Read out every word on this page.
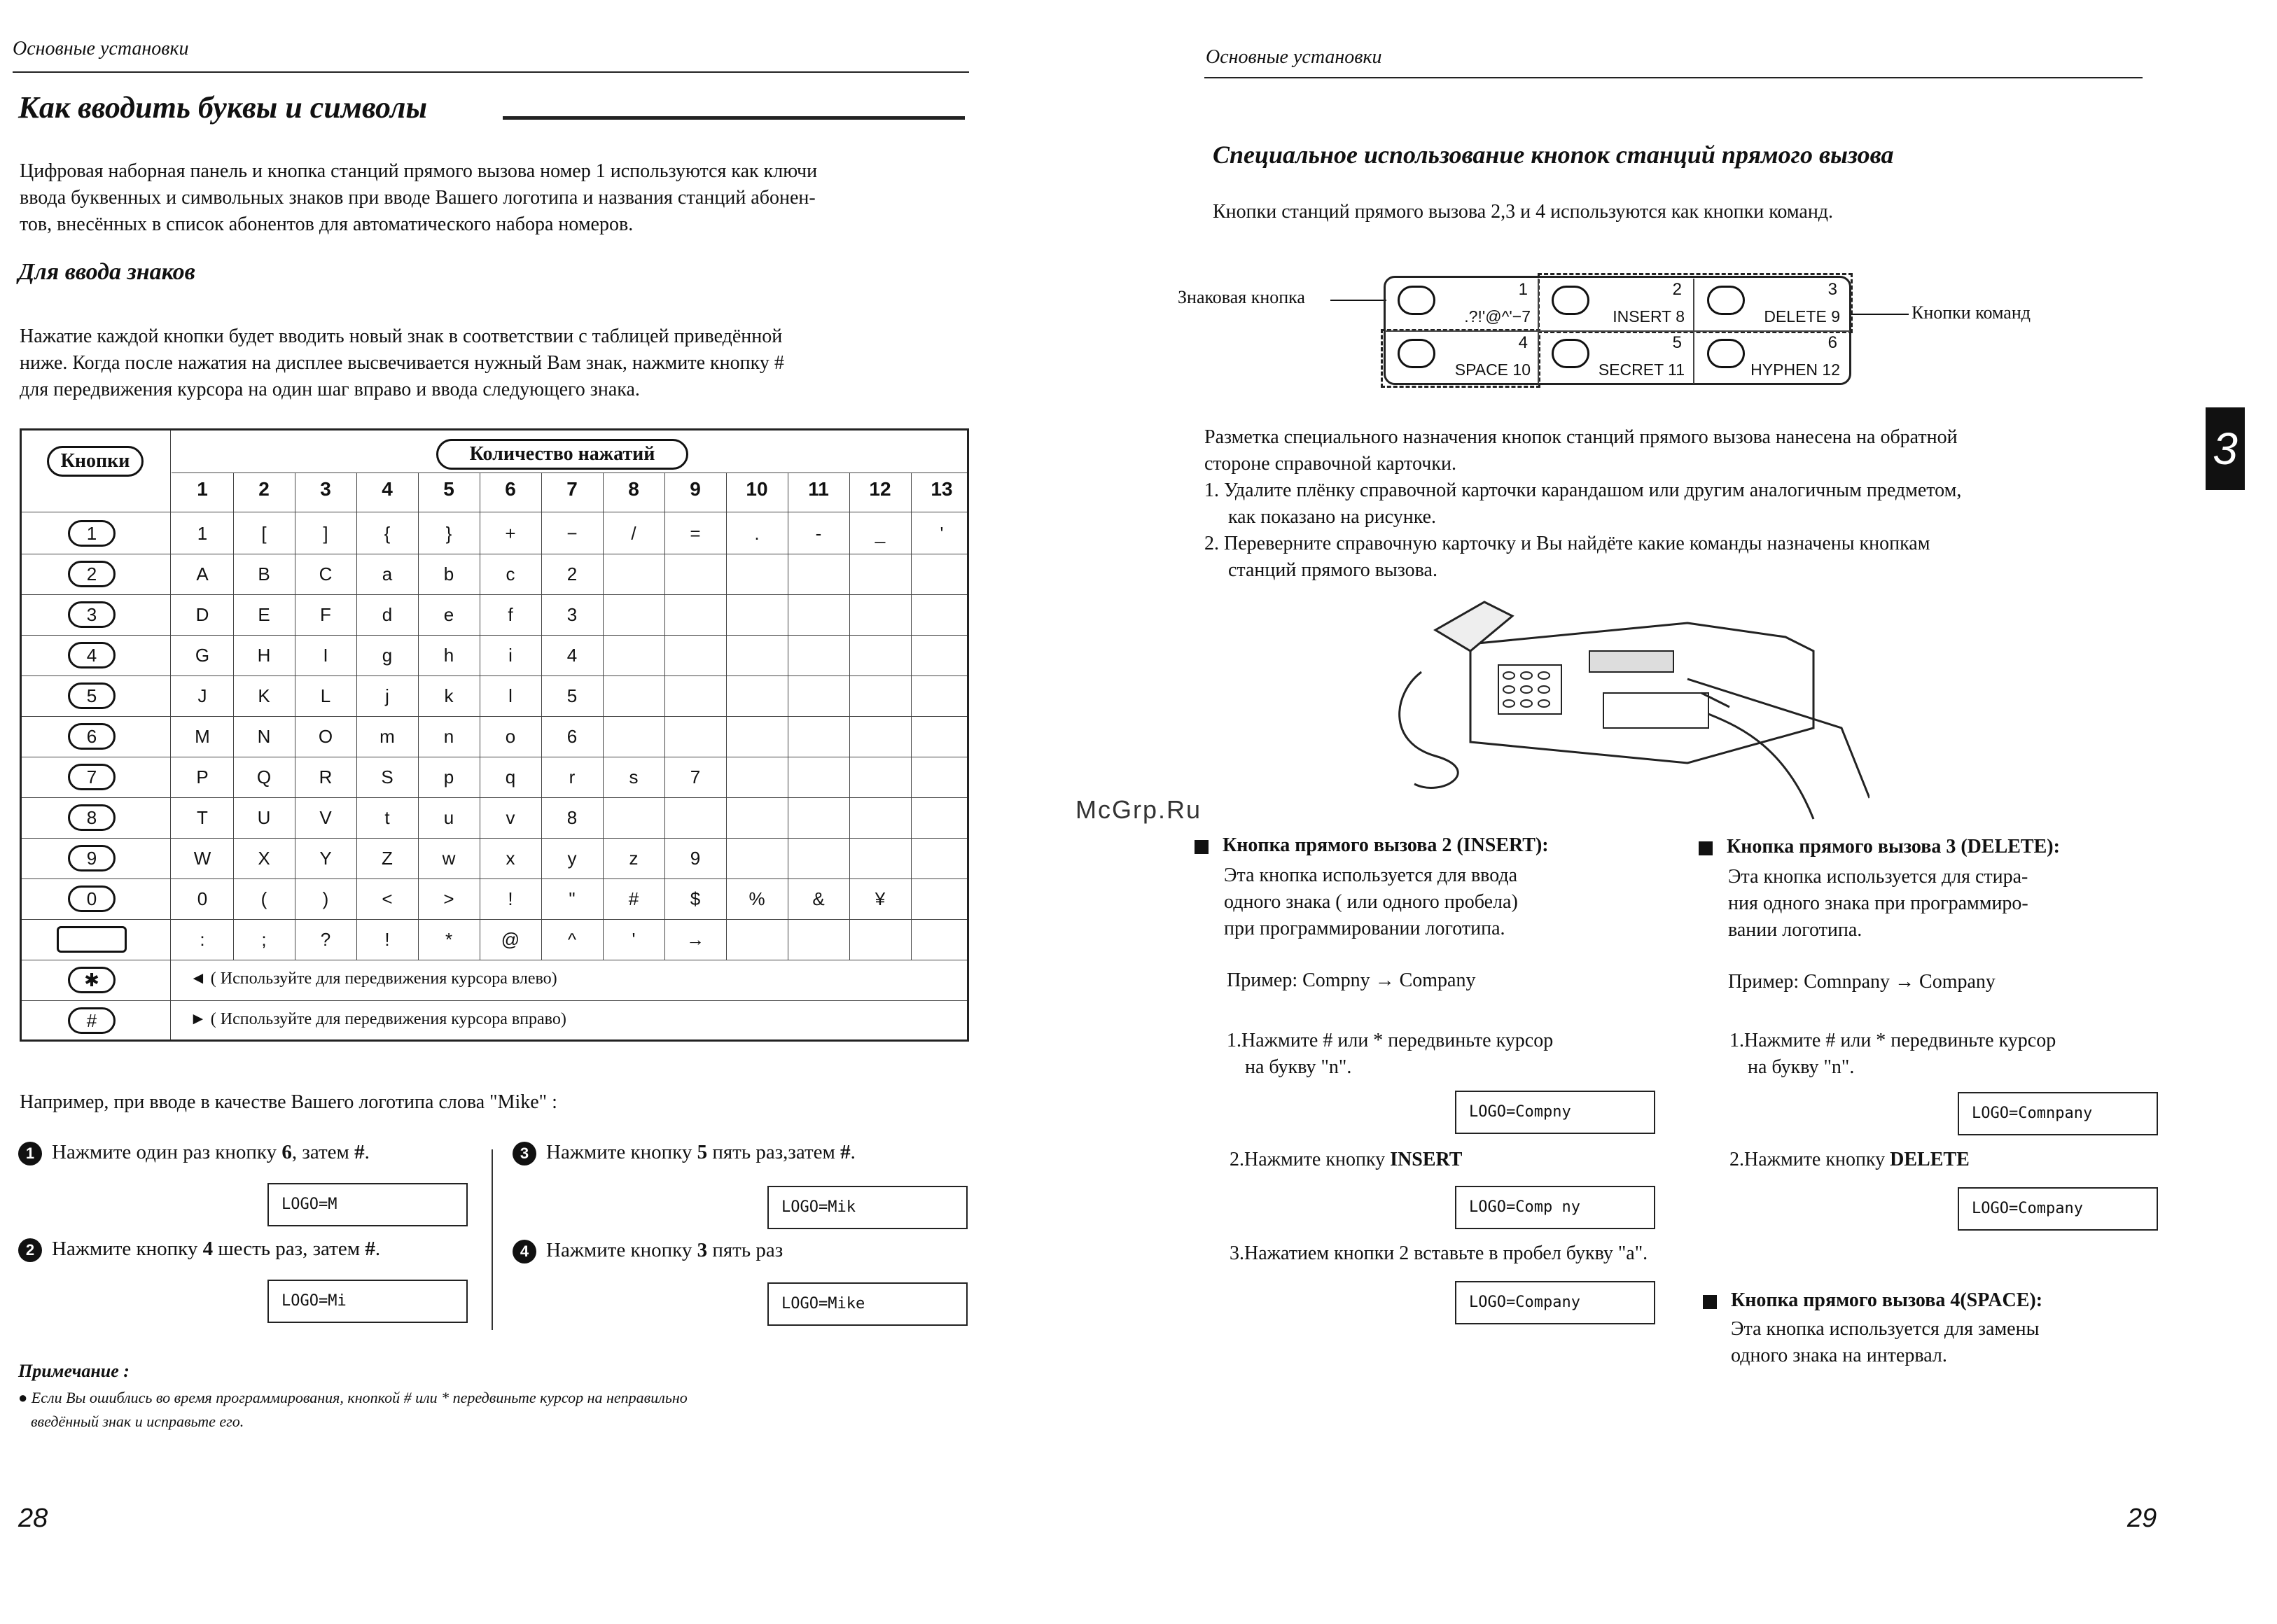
Основные установки
Как вводить буквы и символы
Цифровая наборная панель и кнопка станций прямого вызова номер 1 используются как ключи
ввода буквенных и символьных знаков при вводе Вашего логотипа и названия станций абонен-
тов, внесённых в список абонентов для автоматического набора номеров.
Для ввода знаков
Нажатие каждой кнопки будет вводить новый знак в соответствии с таблицей приведённой
ниже. Когда после нажатия на дисплее высвечивается нужный Вам знак, нажмите кнопку #
для передвижения курсора на один шаг вправо и ввода следующего знака.
Кнопки	Количество нажатий
1	2	3	4	5	6	7	8	9	10	11	12	13
1	1	[	]	{	}	+	−	/	=	.	-	_	'
2	A	B	C	a	b	c	2
3	D	E	F	d	e	f	3
4	G	H	I	g	h	i	4
5	J	K	L	j	k	l	5
6	M	N	O	m	n	o	6
7	P	Q	R	S	p	q	r	s	7
8	T	U	V	t	u	v	8
9	W	X	Y	Z	w	x	y	z	9
0	0	(	)	<	>	!	"	#	$	%	&	¥
:	;	?	!	*	@	^	'	→
✱	◄ ( Используйте для передвижения курсора влево)
#	► ( Используйте для передвижения курсора вправо)
Например, при вводе в качестве Вашего логотипа слова "Mike" :
1 Нажмите один раз кнопку 6, затем #.
LOGO=M
2 Нажмите кнопку 4 шесть раз, затем #.
LOGO=Mi
3 Нажмите кнопку 5 пять раз,затем #.
LOGO=Mik
4 Нажмите кнопку 3 пять раз
LOGO=Mike
Примечание :
● Если Вы ошиблись во время программирования, кнопкой # или * передвиньте курсор на неправильно
введённый знак и исправьте его.
28
Основные установки
Специальное использование кнопок станций прямого вызова
Кнопки станций прямого вызова 2,3 и 4 используются как кнопки команд.
Знаковая кнопка
Кнопки команд
1
.?!'@^'−7
2
INSERT 8
3
DELETE 9
4
SPACE 10
5
SECRET 11
6
HYPHEN 12
Разметка специального назначения кнопок станций прямого вызова нанесена на обратной
стороне справочной карточки.
1. Удалите плёнку справочной карточки карандашом или другим аналогичным предметом,
как показано на рисунке.
2. Переверните справочную карточку и Вы найдёте какие команды назначены кнопкам
станций прямого вызова.
McGrp.Ru
Кнопка прямого вызова 2 (INSERT):
Эта кнопка используется для ввода
одного знака ( или одного пробела)
при программировании логотипа.
Пример: Compny → Company
1.Нажмите # или * передвиньте курсор
на букву "n".
LOGO=Compny
2.Нажмите кнопку INSERT
LOGO=Comp ny
3.Нажатием кнопки 2 вставьте в пробел букву "a".
LOGO=Company
Кнопка прямого вызова 3 (DELETE):
Эта кнопка используется для стира-
ния одного знака при программиро-
вании логотипа.
Пример: Comnpany → Company
1.Нажмите # или * передвиньте курсор
на букву "n".
LOGO=Comnpany
2.Нажмите кнопку DELETE
LOGO=Company
Кнопка прямого вызова 4(SPACE):
Эта кнопка используется для замены
одного знака на интервал.
3
29
